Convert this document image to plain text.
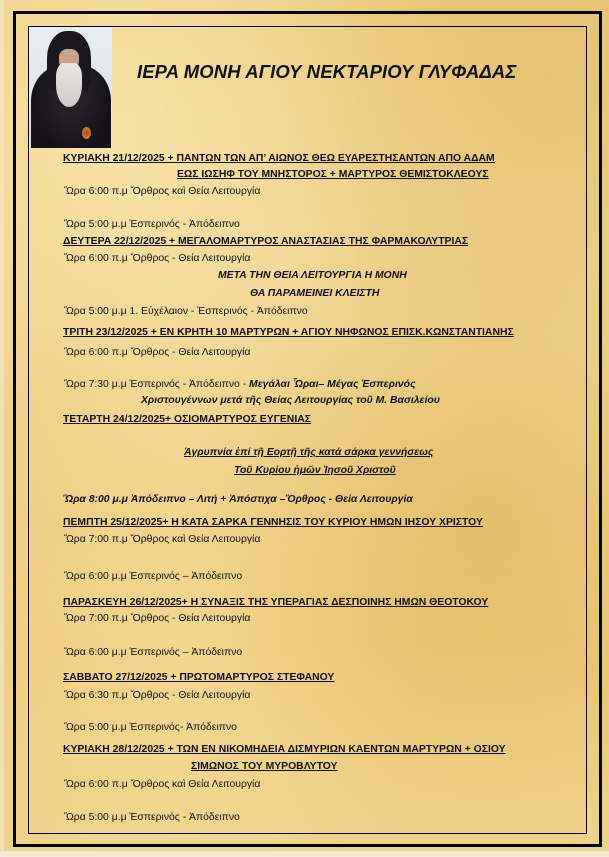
ΙΕΡΑ ΜΟΝΗ ΑΓΙΟΥ ΝΕΚΤΑΡΙΟΥ ΓΛΥΦΑΔΑΣ
ΚΥΡΙΑΚΗ 21/12/2025 + ΠΑΝΤΩΝ ΤΩΝ ΑΠ’ ΑΙΩΝΟΣ ΘΕΩ ΕΥΑΡΕΣΤΗΣΑΝΤΩΝ ΑΠΟ ΑΔΑΜ
ΕΩΣ ΙΩΣΗΦ ΤΟΥ ΜΝΗΣΤΟΡΟΣ + ΜΑΡΤΥΡΟΣ ΘΕΜΙΣΤΟΚΛΕΟΥΣ
Ὥρα 6:00 π.μ Ὄρθρος καὶ Θεία Λειτουργία
Ὥρα 5:00 μ.μ Ἑσπερινός - Ἀπόδειπνο
ΔΕΥΤΕΡΑ 22/12/2025 + ΜΕΓΑΛΟΜΑΡΤΥΡΟΣ ΑΝΑΣΤΑΣΙΑΣ ΤΗΣ ΦΑΡΜΑΚΟΛΥΤΡΙΑΣ
Ὥρα 6:00 π.μ Ὄρθρος - Θεία Λειτουργία
ΜΕΤΑ ΤΗΝ ΘΕΙΑ ΛΕΙΤΟΥΡΓΙΑ Η ΜΟΝΗ
ΘΑ ΠΑΡΑΜΕΙΝΕΙ ΚΛΕΙΣΤΗ
Ὥρα 5:00 μ.μ 1. Εὐχέλαιον - Ἑσπερινός - Ἀπόδειπνο
ΤΡΙΤΗ 23/12/2025 + ΕΝ ΚΡΗΤΗ 10 ΜΑΡΤΥΡΩΝ + ΑΓΙΟΥ ΝΗΦΩΝΟΣ ΕΠΙΣΚ.ΚΩΝΣΤΑΝΤΙΑΝΗΣ
Ὥρα 6:00 π.μ Ὄρθρος - Θεία Λειτουργία
Ὥρα 7:30 μ.μ Ἑσπερινός - Ἀπόδειπνο - Μεγάλαι Ὧραι– Μέγας Ἑσπερινός
Χριστουγέννων μετά τῆς Θείας Λειτουργίας τοῦ Μ. Βασιλείου
ΤΕΤΑΡΤΗ 24/12/2025+ ΟΣΙΟΜΑΡΤΥΡΟΣ ΕΥΓΕΝΙΑΣ
Ἀγρυπνία ἐπί τῇ Εορτῇ τῆς κατά σάρκα γεννήσεως
Τοῦ Κυρίου ἡμῶν Ἰησοῦ Χριστοῦ
Ὥρα 8:00 μ.μ Ἀπόδειπνο – Λιτή + Ἀπόστιχα –Ὄρθρος - Θεία Λειτουργία
ΠΕΜΠΤΗ 25/12/2025+ Η ΚΑΤΑ ΣΑΡΚΑ ΓΕΝΝΗΣΙΣ ΤΟΥ ΚΥΡΙΟΥ ΗΜΩΝ ΙΗΣΟΥ ΧΡΙΣΤΟΥ
Ὥρα 7:00 π.μ Ὄρθρος καὶ Θεία Λειτουργία
Ὥρα 6:00 μ.μ Ἑσπερινός – Ἀπόδειπνο
ΠΑΡΑΣΚΕΥΗ 26/12/2025+ Η ΣΥΝΑΞΙΣ ΤΗΣ ΥΠΕΡΑΓΙΑΣ ΔΕΣΠΟΙΝΗΣ ΗΜΩΝ ΘΕΟΤΟΚΟΥ
Ὥρα 7:00 π.μ Ὄρθρος - Θεία Λειτουργία
Ὥρα 6:00 μ.μ Ἑσπερινός – Ἀπόδειπνο
ΣΑΒΒΑΤΟ 27/12/2025 + ΠΡΩΤΟΜΑΡΤΥΡΟΣ ΣΤΕΦΑΝΟΥ
Ὥρα 6:30 π.μ Ὄρθρος - Θεία Λειτουργία
Ὥρα 5:00 μ.μ Ἑσπερινός- Ἀπόδειπνο
ΚΥΡΙΑΚΗ 28/12/2025 + ΤΩΝ ΕΝ ΝΙΚΟΜΗΔΕΙΑ ΔΙΣΜΥΡΙΩΝ ΚΑΕΝΤΩΝ ΜΑΡΤΥΡΩΝ + ΟΣΙΟΥ
ΣΙΜΩΝΟΣ ΤΟΥ ΜΥΡΟΒΛΥΤΟΥ
Ὥρα 6:00 π.μ Ὄρθρος καὶ Θεία Λειτουργία
Ὥρα 5:00 μ.μ Ἑσπερινός - Ἀπόδειπνο
